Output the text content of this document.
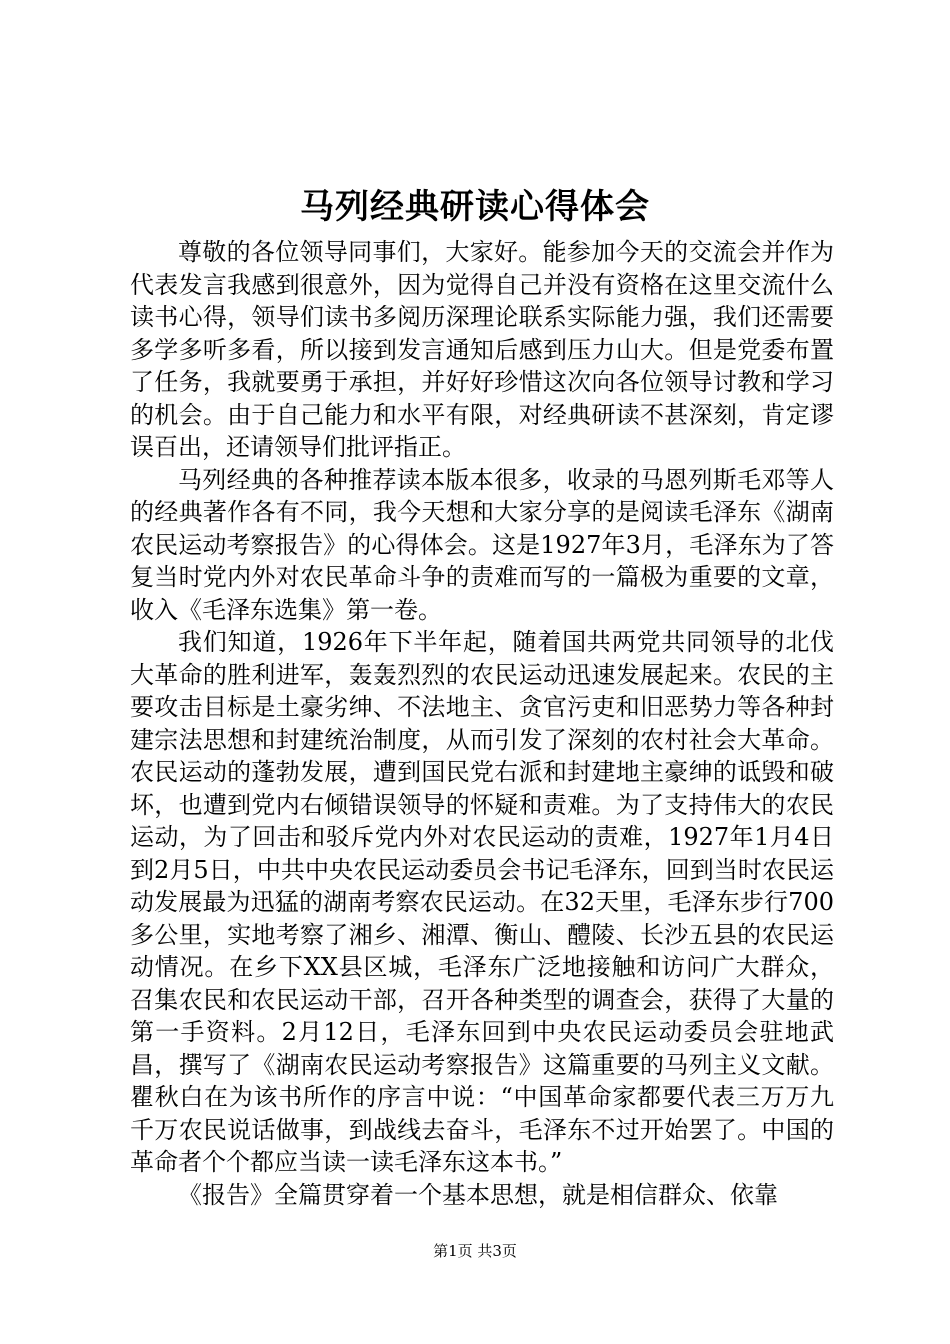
马列经典研读心得体会

尊敬的各位领导同事们，大家好。能参加今天的交流会并作为代表发言我感到很意外，因为觉得自己并没有资格在这里交流什么读书心得，领导们读书多阅历深理论联系实际能力强，我们还需要多学多听多看，所以接到发言通知后感到压力山大。但是党委布置了任务，我就要勇于承担，并好好珍惜这次向各位领导讨教和学习的机会。由于自己能力和水平有限，对经典研读不甚深刻，肯定谬误百出，还请领导们批评指正。

马列经典的各种推荐读本版本很多，收录的马恩列斯毛邓等人的经典著作各有不同，我今天想和大家分享的是阅读毛泽东《湖南农民运动考察报告》的心得体会。这是1927年3月，毛泽东为了答复当时党内外对农民革命斗争的责难而写的一篇极为重要的文章，收入《毛泽东选集》第一卷。

我们知道，1926年下半年起，随着国共两党共同领导的北伐大革命的胜利进军，轰轰烈烈的农民运动迅速发展起来。农民的主要攻击目标是土豪劣绅、不法地主、贪官污吏和旧恶势力等各种封建宗法思想和封建统治制度，从而引发了深刻的农村社会大革命。农民运动的蓬勃发展，遭到国民党右派和封建地主豪绅的诋毁和破坏，也遭到党内右倾错误领导的怀疑和责难。为了支持伟大的农民运动，为了回击和驳斥党内外对农民运动的责难，1927年1月4日到2月5日，中共中央农民运动委员会书记毛泽东，回到当时农民运动发展最为迅猛的湖南考察农民运动。在32天里，毛泽东步行700多公里，实地考察了湘乡、湘潭、衡山、醴陵、长沙五县的农民运动情况。在乡下XX县区城，毛泽东广泛地接触和访问广大群众，召集农民和农民运动干部，召开各种类型的调查会，获得了大量的第一手资料。2月12日，毛泽东回到中央农民运动委员会驻地武昌，撰写了《湖南农民运动考察报告》这篇重要的马列主义文献。瞿秋白在为该书所作的序言中说：“中国革命家都要代表三万万九千万农民说话做事，到战线去奋斗，毛泽东不过开始罢了。中国的革命者个个都应当读一读毛泽东这本书。”

《报告》全篇贯穿着一个基本思想，就是相信群众、依靠

第1页 共3页
